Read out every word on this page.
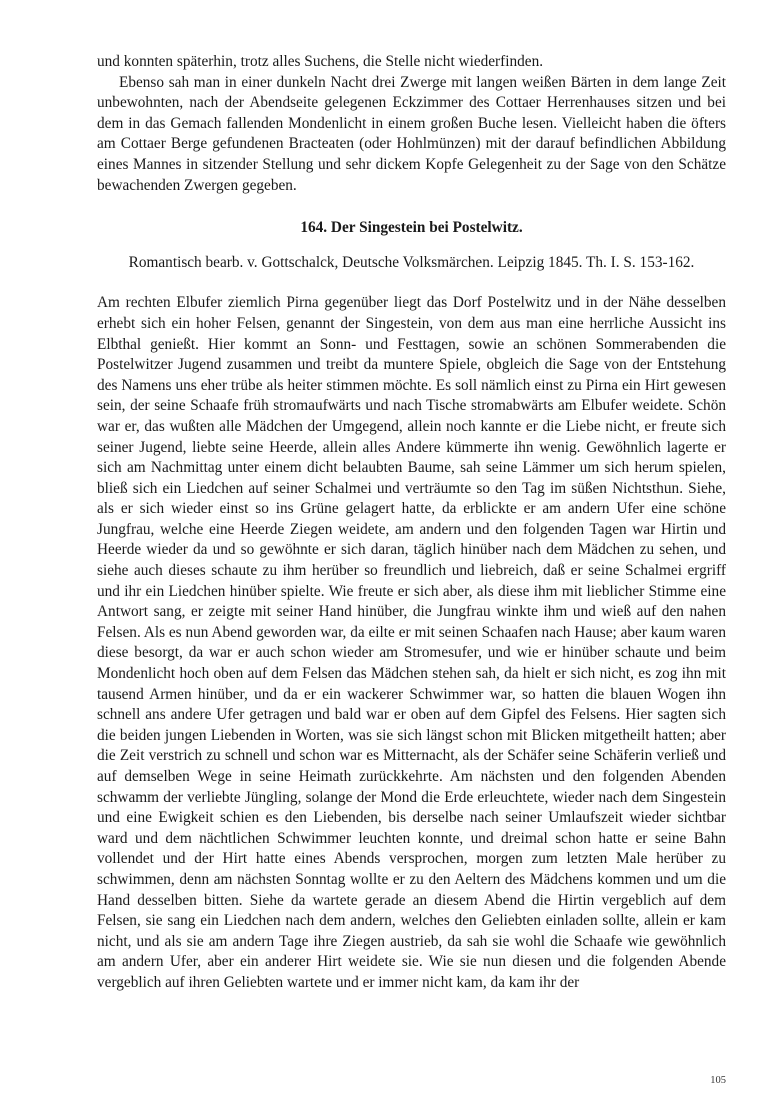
und konnten späterhin, trotz alles Suchens, die Stelle nicht wiederfinden.

Ebenso sah man in einer dunkeln Nacht drei Zwerge mit langen weißen Bärten in dem lange Zeit unbewohnten, nach der Abendseite gelegenen Eckzimmer des Cottaer Herrenhauses sitzen und bei dem in das Gemach fallenden Mondenlicht in einem großen Buche lesen. Vielleicht haben die öfters am Cottaer Berge gefundenen Bracteaten (oder Hohlmünzen) mit der darauf befindlichen Abbildung eines Mannes in sitzender Stellung und sehr dickem Kopfe Gelegenheit zu der Sage von den Schätze bewachenden Zwergen gegeben.

164. Der Singestein bei Postelwitz.

Romantisch bearb. v. Gottschalck, Deutsche Volksmärchen. Leipzig 1845. Th. I. S. 153-162.

Am rechten Elbufer ziemlich Pirna gegenüber liegt das Dorf Postelwitz und in der Nähe desselben erhebt sich ein hoher Felsen, genannt der Singestein, von dem aus man eine herrliche Aussicht ins Elbthal genießt. Hier kommt an Sonn- und Festtagen, sowie an schönen Sommerabenden die Postelwitzer Jugend zusammen und treibt da muntere Spiele, obgleich die Sage von der Entstehung des Namens uns eher trübe als heiter stimmen möchte. Es soll nämlich einst zu Pirna ein Hirt gewesen sein, der seine Schaafe früh stromaufwärts und nach Tische stromabwärts am Elbufer weidete. Schön war er, das wußten alle Mädchen der Umgegend, allein noch kannte er die Liebe nicht, er freute sich seiner Jugend, liebte seine Heerde, allein alles Andere kümmerte ihn wenig. Gewöhnlich lagerte er sich am Nachmittag unter einem dicht belaubten Baume, sah seine Lämmer um sich herum spielen, bließ sich ein Liedchen auf seiner Schalmei und verträumte so den Tag im süßen Nichtsthun. Siehe, als er sich wieder einst so ins Grüne gelagert hatte, da erblickte er am andern Ufer eine schöne Jungfrau, welche eine Heerde Ziegen weidete, am andern und den folgenden Tagen war Hirtin und Heerde wieder da und so gewöhnte er sich daran, täglich hinüber nach dem Mädchen zu sehen, und siehe auch dieses schaute zu ihm herüber so freundlich und liebreich, daß er seine Schalmei ergriff und ihr ein Liedchen hinüber spielte. Wie freute er sich aber, als diese ihm mit lieblicher Stimme eine Antwort sang, er zeigte mit seiner Hand hinüber, die Jungfrau winkte ihm und wieß auf den nahen Felsen. Als es nun Abend geworden war, da eilte er mit seinen Schaafen nach Hause; aber kaum waren diese besorgt, da war er auch schon wieder am Stromesufer, und wie er hinüber schaute und beim Mondenlicht hoch oben auf dem Felsen das Mädchen stehen sah, da hielt er sich nicht, es zog ihn mit tausend Armen hinüber, und da er ein wackerer Schwimmer war, so hatten die blauen Wogen ihn schnell ans andere Ufer getragen und bald war er oben auf dem Gipfel des Felsens. Hier sagten sich die beiden jungen Liebenden in Worten, was sie sich längst schon mit Blicken mitgetheilt hatten; aber die Zeit verstrich zu schnell und schon war es Mitternacht, als der Schäfer seine Schäferin verließ und auf demselben Wege in seine Heimath zurückkehrte. Am nächsten und den folgenden Abenden schwamm der verliebte Jüngling, solange der Mond die Erde erleuchtete, wieder nach dem Singestein und eine Ewigkeit schien es den Liebenden, bis derselbe nach seiner Umlaufszeit wieder sichtbar ward und dem nächtlichen Schwimmer leuchten konnte, und dreimal schon hatte er seine Bahn vollendet und der Hirt hatte eines Abends versprochen, morgen zum letzten Male herüber zu schwimmen, denn am nächsten Sonntag wollte er zu den Aeltern des Mädchens kommen und um die Hand desselben bitten. Siehe da wartete gerade an diesem Abend die Hirtin vergeblich auf dem Felsen, sie sang ein Liedchen nach dem andern, welches den Geliebten einladen sollte, allein er kam nicht, und als sie am andern Tage ihre Ziegen austrieb, da sah sie wohl die Schaafe wie gewöhnlich am andern Ufer, aber ein anderer Hirt weidete sie. Wie sie nun diesen und die folgenden Abende vergeblich auf ihren Geliebten wartete und er immer nicht kam, da kam ihr der

105
